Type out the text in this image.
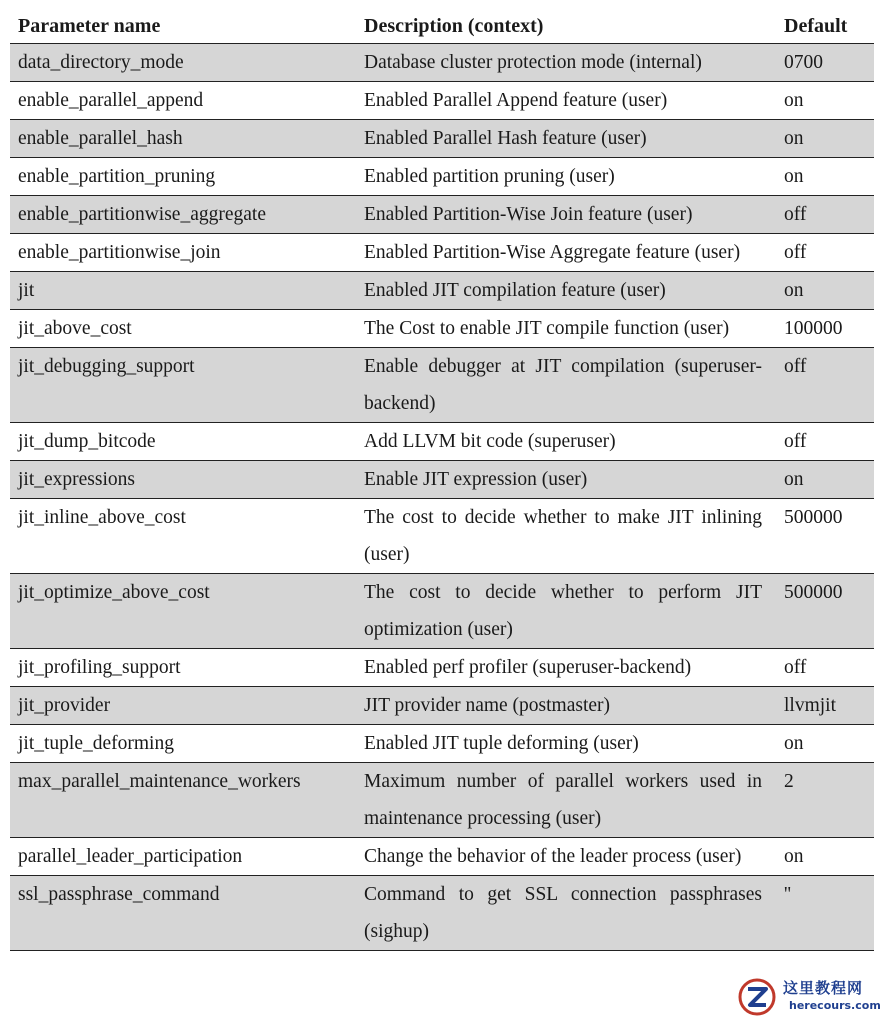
Parameter name	Description (context)	Default
data_directory_mode	Database cluster protection mode (internal)	0700
enable_parallel_append	Enabled Parallel Append feature (user)	on
enable_parallel_hash	Enabled Parallel Hash feature (user)	on
enable_partition_pruning	Enabled partition pruning (user)	on
enable_partitionwise_aggregate	Enabled Partition-Wise Join feature (user)	off
enable_partitionwise_join	Enabled Partition-Wise Aggregate feature (user)	off
jit	Enabled JIT compilation feature (user)	on
jit_above_cost	The Cost to enable JIT compile function (user)	100000
jit_debugging_support	Enable debugger at JIT compilation (superuser-backend)	off
jit_dump_bitcode	Add LLVM bit code (superuser)	off
jit_expressions	Enable JIT expression (user)	on
jit_inline_above_cost	The cost to decide whether to make JIT inlining (user)	500000
jit_optimize_above_cost	The cost to decide whether to perform JIT optimization (user)	500000
jit_profiling_support	Enabled perf profiler (superuser-backend)	off
jit_provider	JIT provider name (postmaster)	llvmjit
jit_tuple_deforming	Enabled JIT tuple deforming (user)	on
max_parallel_maintenance_workers	Maximum number of parallel workers used in maintenance processing (user)	2
parallel_leader_participation	Change the behavior of the leader process (user)	on
ssl_passphrase_command	Command to get SSL connection passphrases (sighup)	''
这里教程网
herecours.com
